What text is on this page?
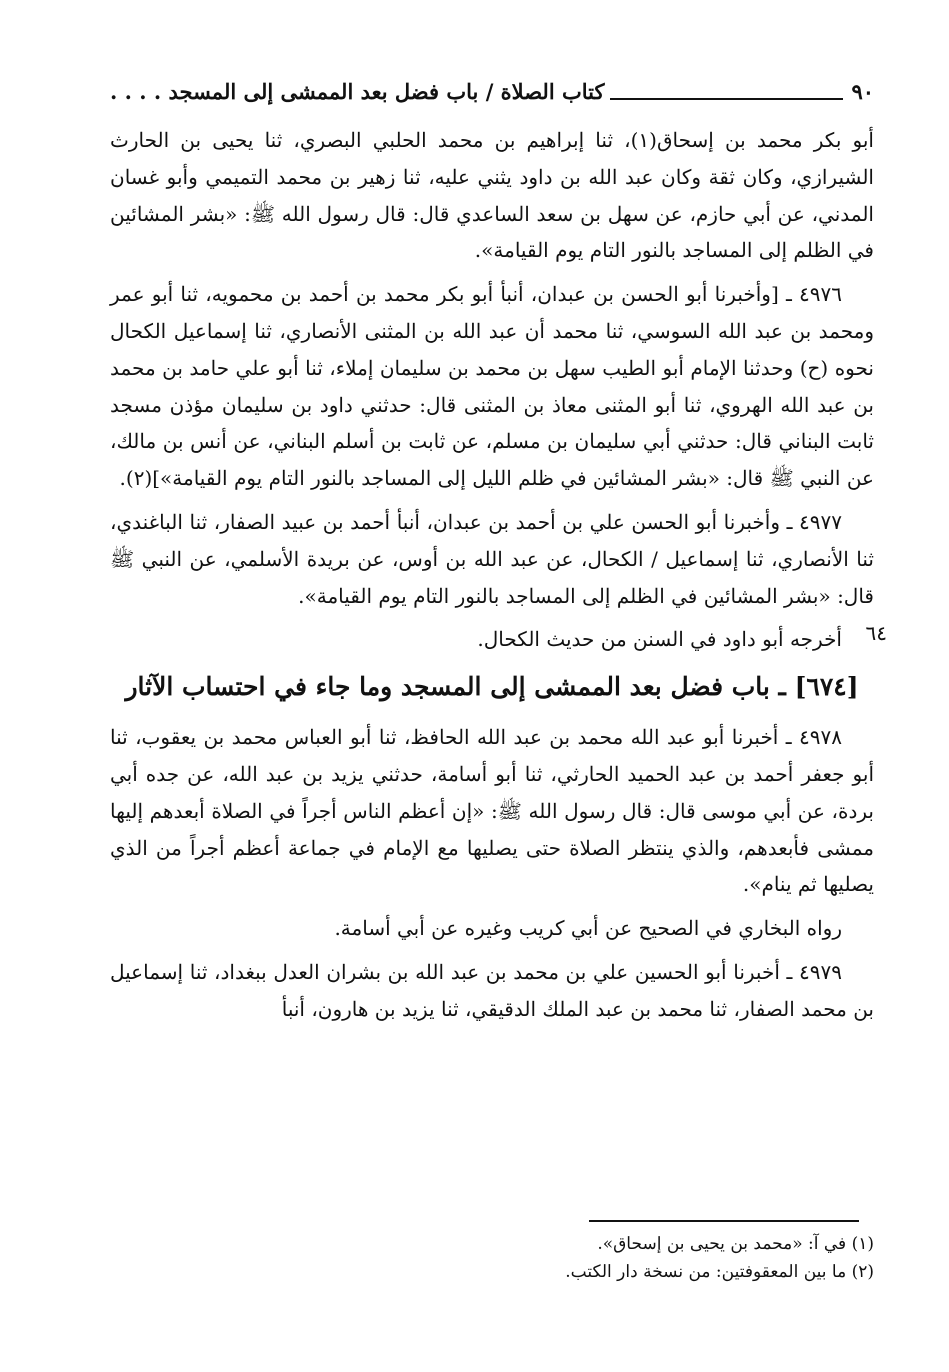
٩٠
كتاب الصلاة / باب فضل بعد الممشى إلى المسجد . . . .
٦٤

أبو بكر محمد بن إسحاق(١)، ثنا إبراهيم بن محمد الحلبي البصري، ثنا يحيى بن الحارث الشيرازي، وكان ثقة وكان عبد الله بن داود يثني عليه، ثنا زهير بن محمد التميمي وأبو غسان المدني، عن أبي حازم، عن سهل بن سعد الساعدي قال: قال رسول الله ﷺ: «بشر المشائين في الظلم إلى المساجد بالنور التام يوم القيامة».

٤٩٧٦ ـ [وأخبرنا أبو الحسن بن عبدان، أنبأ أبو بكر محمد بن أحمد بن محمويه، ثنا أبو عمر ومحمد بن عبد الله السوسي، ثنا محمد أن عبد الله بن المثنى الأنصاري، ثنا إسماعيل الكحال نحوه (ح) وحدثنا الإمام أبو الطيب سهل بن محمد بن سليمان إملاء، ثنا أبو علي حامد بن محمد بن عبد الله الهروي، ثنا أبو المثنى معاذ بن المثنى قال: حدثني داود بن سليمان مؤذن مسجد ثابت البناني قال: حدثني أبي سليمان بن مسلم، عن ثابت بن أسلم البناني، عن أنس بن مالك، عن النبي ﷺ قال: «بشر المشائين في ظلم الليل إلى المساجد بالنور التام يوم القيامة»](٢).

٤٩٧٧ ـ وأخبرنا أبو الحسن علي بن أحمد بن عبدان، أنبأ أحمد بن عبيد الصفار، ثنا الباغندي، ثنا الأنصاري، ثنا إسماعيل / الكحال، عن عبد الله بن أوس، عن بريدة الأسلمي، عن النبي ﷺ قال: «بشر المشائين في الظلم إلى المساجد بالنور التام يوم القيامة».

أخرجه أبو داود في السنن من حديث الكحال.

[٦٧٤] ـ باب فضل بعد الممشى إلى المسجد وما جاء في احتساب الآثار

٤٩٧٨ ـ أخبرنا أبو عبد الله محمد بن عبد الله الحافظ، ثنا أبو العباس محمد بن يعقوب، ثنا أبو جعفر أحمد بن عبد الحميد الحارثي، ثنا أبو أسامة، حدثني يزيد بن عبد الله، عن جده أبي بردة، عن أبي موسى قال: قال رسول الله ﷺ: «إن أعظم الناس أجراً في الصلاة أبعدهم إليها ممشى فأبعدهم، والذي ينتظر الصلاة حتى يصليها مع الإمام في جماعة أعظم أجراً من الذي يصليها ثم ينام».

رواه البخاري في الصحيح عن أبي كريب وغيره عن أبي أسامة.

٤٩٧٩ ـ أخبرنا أبو الحسين علي بن محمد بن عبد الله بن بشران العدل ببغداد، ثنا إسماعيل بن محمد الصفار، ثنا محمد بن عبد الملك الدقيقي، ثنا يزيد بن هارون، أنبأ

(١) في آ: «محمد بن يحيى بن إسحاق».
(٢) ما بين المعقوفتين: من نسخة دار الكتب.
